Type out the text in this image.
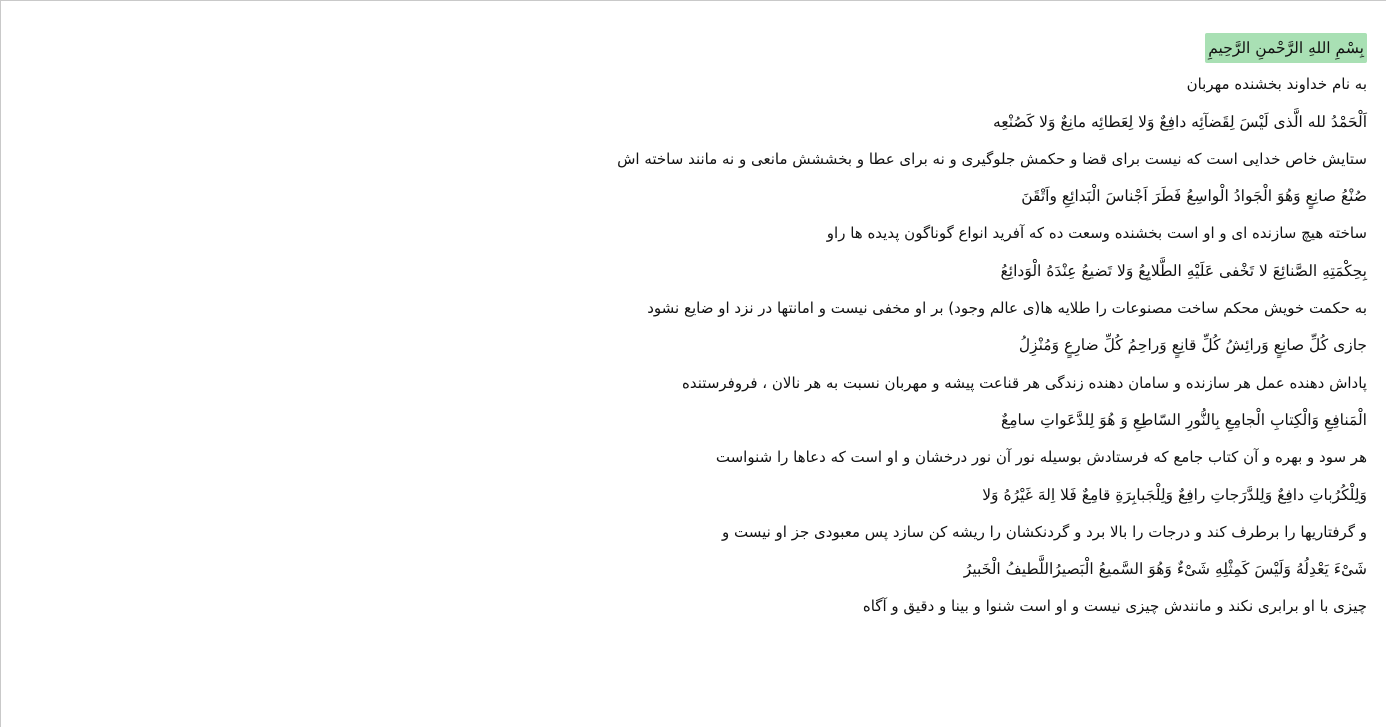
بِسْمِ اللهِ الرَّحْمنِ الرَّحِيمِ
به نام خداوند بخشنده مهربان
اَلْحَمْدُ لله الَّذى لَيْسَ لِقَضآئِه دافِعٌ وَلا لِعَطائِه مانِعٌ وَلا كَصُنْعِه
ستایش خاص خدایی است که نیست برای قضا و حکمش جلوگیری و نه برای عطا و بخششش مانعی و نه مانند ساخته اش
صُنْعُ صانِعٍ وَهُوَ الْجَوادُ الْواسِعُ فَطَرَ اَجْناسَ الْبَدائِعِ واَتْقَنَ
ساخته هیچ سازنده ای و او است بخشنده وسعت ده که آفرید انواع گوناگون پدیده ها راو
بِحِكْمَتِهِ الصَّنائِعَ لا تَخْفى عَلَيْهِ الطَّلايِعُ وَلا تَضيعُ عِنْدَهُ الْوَدائِعُ
به حکمت خویش محکم ساخت مصنوعات را طلایه ها(ی عالم وجود) بر او مخفی نیست و امانتها در نزد او ضایع نشود
جازى كُلِّ صانِعٍ وَرائِشُ كُلِّ قانِعٍ وَراحِمُ كُلِّ ضارِعٍ وَمُنْزِلُ
پاداش دهنده عمل هر سازنده و سامان دهنده زندگی هر قناعت پیشه و مهربان نسبت به هر نالان ، فروفرستنده
الْمَنافِعِ وَالْكِتابِ الْجامِعِ بِالنُّورِ السّاطِعِ وَ هُوَ لِلدَّعَواتِ سامِعٌ
هر سود و بهره و آن کتاب جامع که فرستادش بوسیله نور آن نور درخشان و او است که دعاها را شنواست
وَلِلْكُرُباتِ دافِعٌ وَلِلدَّرَجاتِ رافِعٌ وَلِلْجَبابِرَةِ قامِعٌ فَلا اِلهَ غَيْرُهُ وَلا
و گرفتاریها را برطرف کند و درجات را بالا برد و گردنکشان را ریشه کن سازد پس معبودی جز او نیست و
شَىْءَ يَعْدِلُهُ وَلَيْسَ كَمِثْلِهِ شَىْءٌ وَهُوَ السَّميعُ الْبَصيرُاللَّطيفُ الْخَبيرُ
چیزی با او برابری نکند و مانندش چیزی نیست و او است شنوا و بینا و دقیق و آگاه
